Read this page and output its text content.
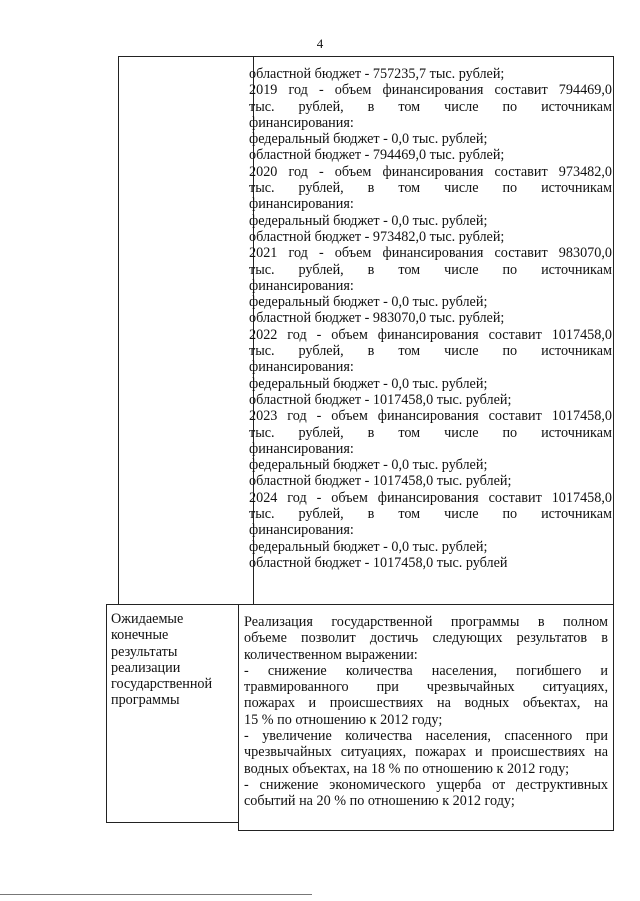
4

областной бюджет - 757235,7 тыс. рублей;

2019 год - объем финансирования составит 794469,0

тыс. рублей, в том числе по источникам

финансирования:

федеральный бюджет - 0,0 тыс. рублей;

областной бюджет - 794469,0 тыс. рублей;

2020 год - объем финансирования составит 973482,0

тыс. рублей, в том числе по источникам

финансирования:

федеральный бюджет - 0,0 тыс. рублей;

областной бюджет - 973482,0 тыс. рублей;

2021 год - объем финансирования составит 983070,0

тыс. рублей, в том числе по источникам

финансирования:

федеральный бюджет - 0,0 тыс. рублей;

областной бюджет - 983070,0 тыс. рублей;

2022 год - объем финансирования составит 1017458,0

тыс. рублей, в том числе по источникам

финансирования:

федеральный бюджет - 0,0 тыс. рублей;

областной бюджет - 1017458,0 тыс. рублей;

2023 год - объем финансирования составит 1017458,0

тыс. рублей, в том числе по источникам

финансирования:

федеральный бюджет - 0,0 тыс. рублей;

областной бюджет - 1017458,0 тыс. рублей;

2024 год - объем финансирования составит 1017458,0

тыс. рублей, в том числе по источникам

финансирования:

федеральный бюджет - 0,0 тыс. рублей;

областной бюджет - 1017458,0 тыс. рублей

Ожидаемые

конечные

результаты

реализации

государственной

программы

Реализация государственной программы в полном

объеме позволит достичь следующих результатов в

количественном выражении:

- снижение количества населения, погибшего и

травмированного при чрезвычайных ситуациях,

пожарах и происшествиях на водных объектах, на

15 % по отношению к 2012 году;

- увеличение количества населения, спасенного при

чрезвычайных ситуациях, пожарах и происшествиях на

водных объектах, на 18 % по отношению к 2012 году;

- снижение экономического ущерба от деструктивных

событий на 20 % по отношению к 2012 году;
